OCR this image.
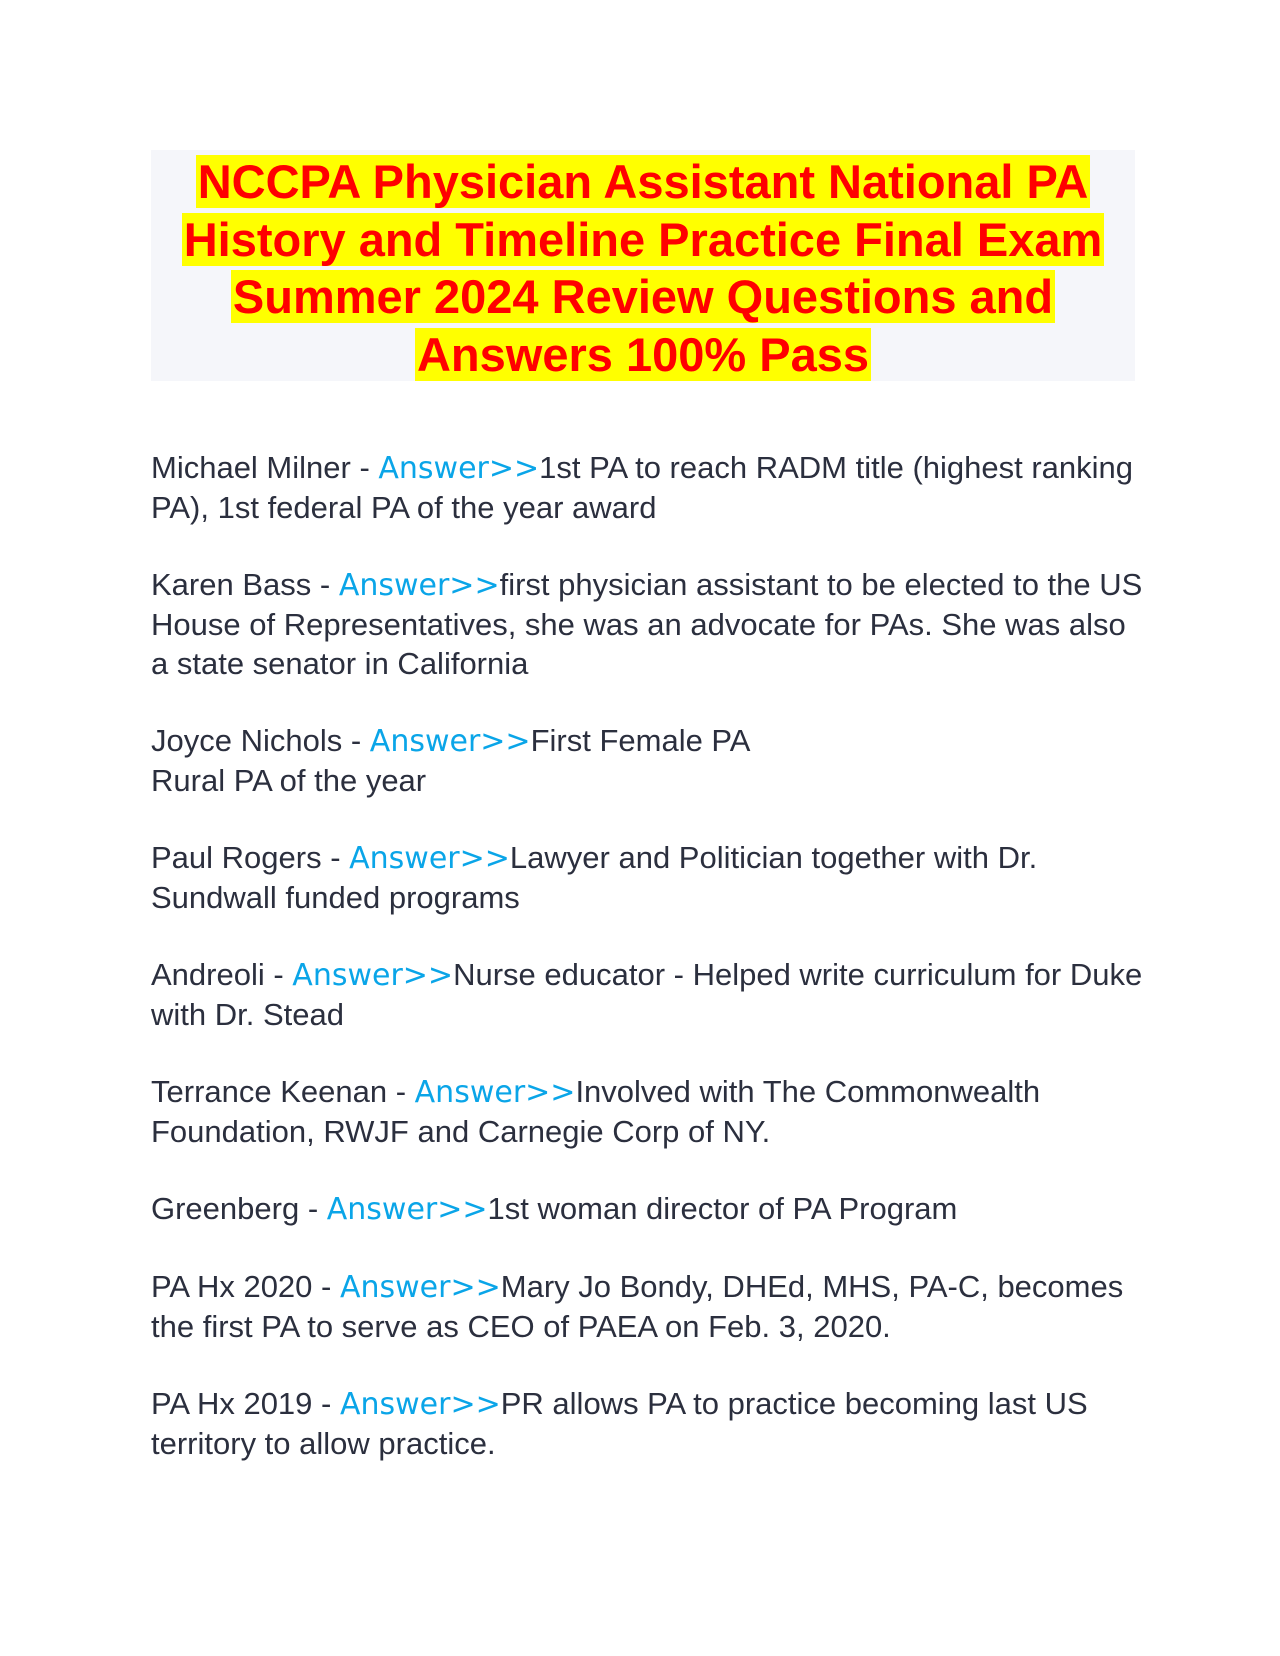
NCCPA Physician Assistant National PA History and Timeline Practice Final Exam Summer 2024 Review Questions and Answers 100% Pass

Michael Milner - Answer>>1st PA to reach RADM title (highest ranking PA), 1st federal PA of the year award

Karen Bass - Answer>>first physician assistant to be elected to the US House of Representatives, she was an advocate for PAs. She was also a state senator in California

Joyce Nichols - Answer>>First Female PA
Rural PA of the year

Paul Rogers - Answer>>Lawyer and Politician together with Dr. Sundwall funded programs

Andreoli - Answer>>Nurse educator - Helped write curriculum for Duke with Dr. Stead

Terrance Keenan - Answer>>Involved with The Commonwealth Foundation, RWJF and Carnegie Corp of NY.

Greenberg - Answer>>1st woman director of PA Program

PA Hx 2020 - Answer>>Mary Jo Bondy, DHEd, MHS, PA-C, becomes the first PA to serve as CEO of PAEA on Feb. 3, 2020.

PA Hx 2019 - Answer>>PR allows PA to practice becoming last US territory to allow practice.
